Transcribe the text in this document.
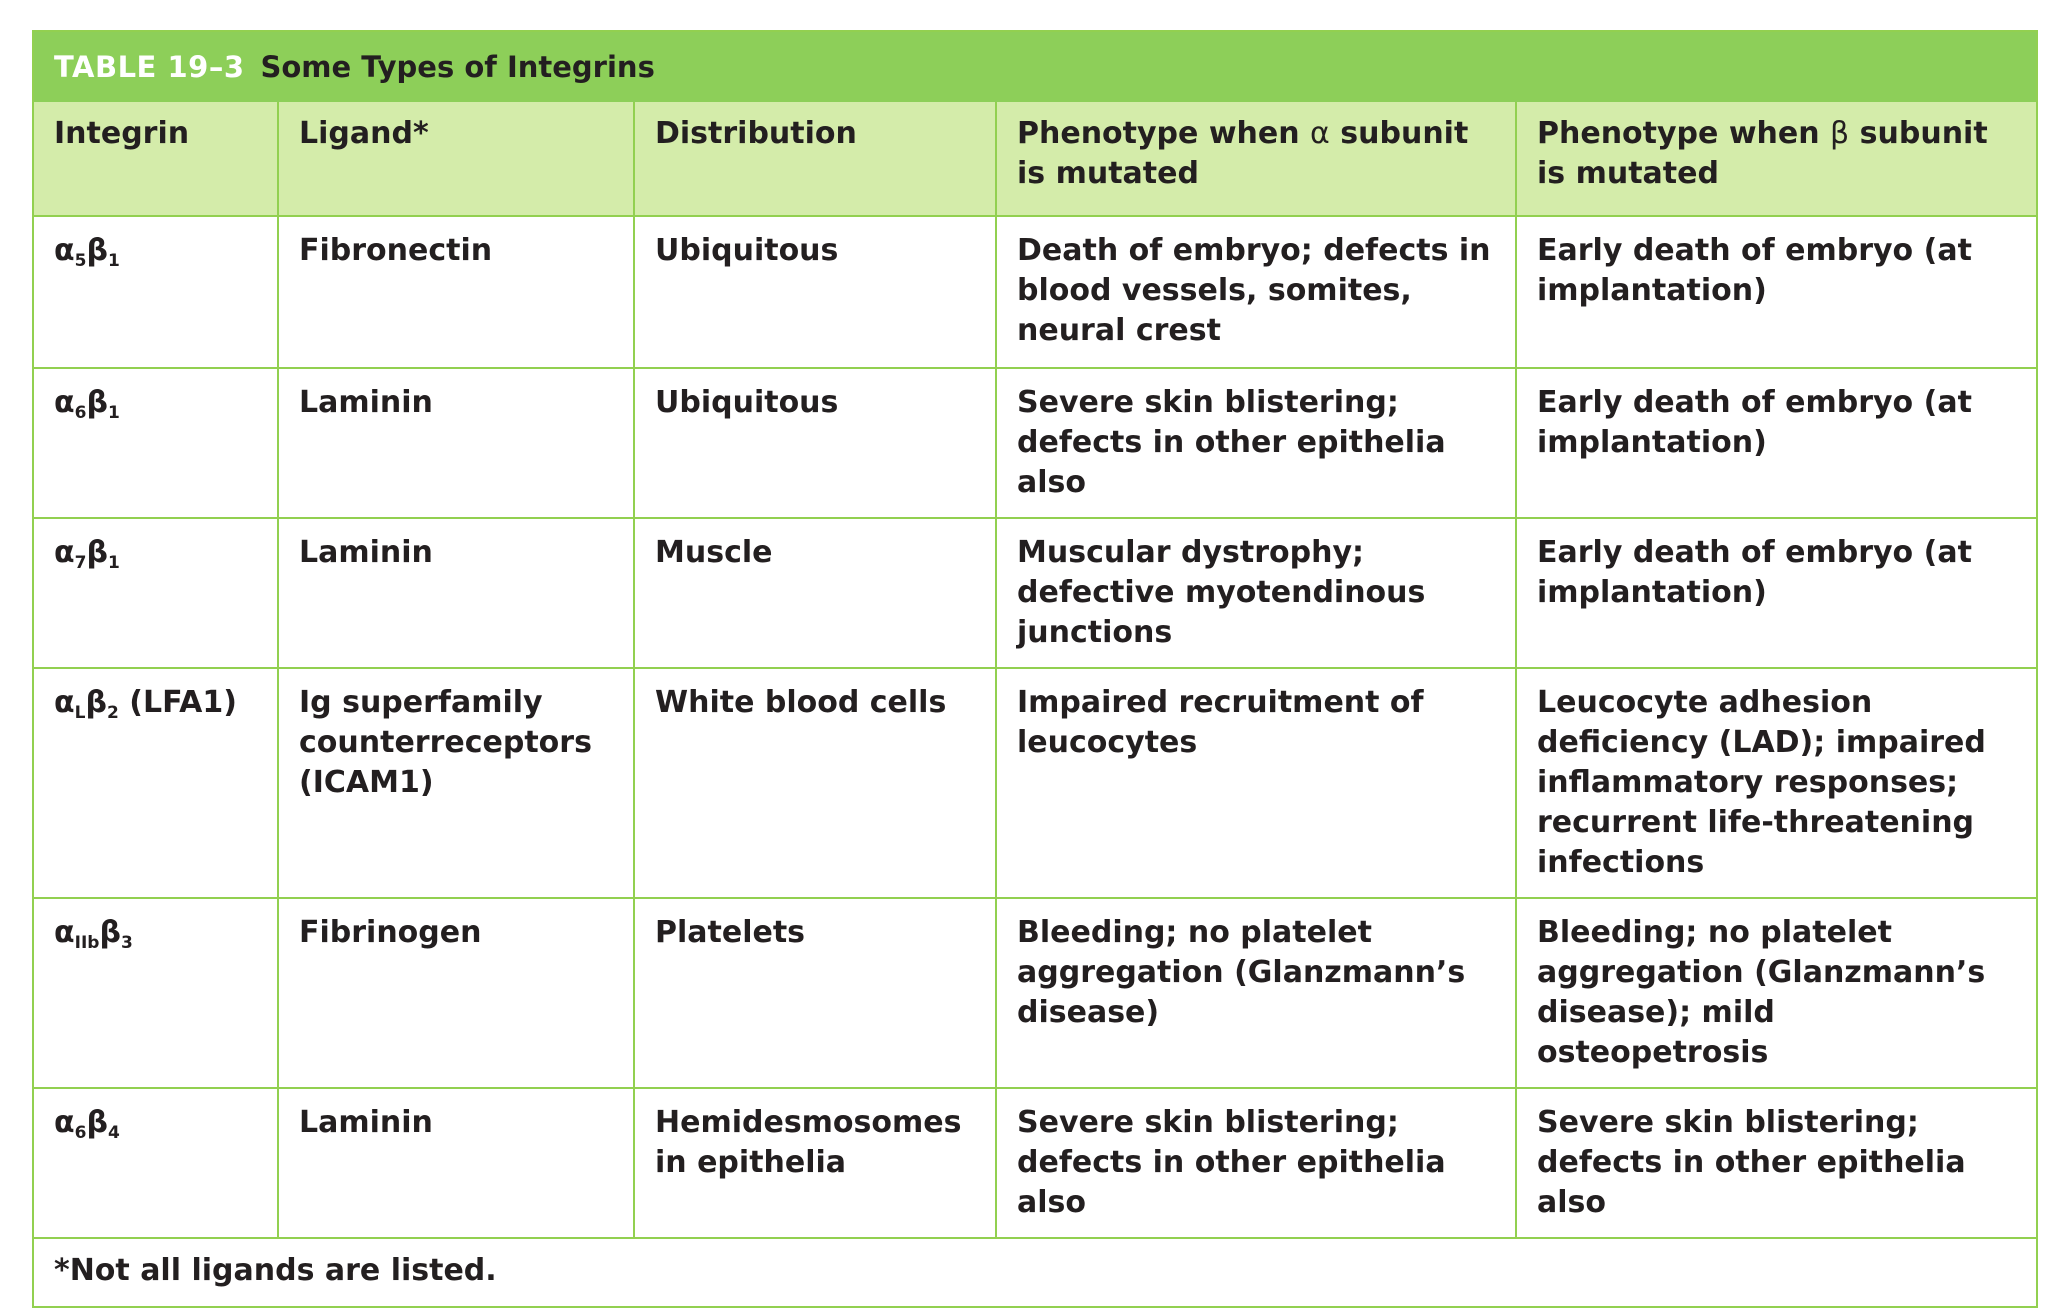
TABLE 19–3 Some Types of Integrins
Integrin	Ligand*	Distribution	Phenotype when α subunit is mutated	Phenotype when β subunit is mutated
$\alpha_5\beta_1$	Fibronectin	Ubiquitous	Death of embryo; defects in blood vessels, somites, neural crest	Early death of embryo (at implantation)
$\alpha_6\beta_1$	Laminin	Ubiquitous	Severe skin blistering; defects in other epithelia also	Early death of embryo (at implantation)
$\alpha_7\beta_1$	Laminin	Muscle	Muscular dystrophy; defective myotendinous junctions	Early death of embryo (at implantation)
$\alpha_L\beta_2$ (LFA1)	Ig superfamily counterreceptors (ICAM1)	White blood cells	Impaired recruitment of leucocytes	Leucocyte adhesion deficiency (LAD); impaired inflammatory responses; recurrent life-threatening infections
$\alpha_{IIb}\beta_3$	Fibrinogen	Platelets	Bleeding; no platelet aggregation (Glanzmann’s disease)	Bleeding; no platelet aggregation (Glanzmann’s disease); mild osteopetrosis
$\alpha_6\beta_4$	Laminin	Hemidesmosomes in epithelia	Severe skin blistering; defects in other epithelia also	Severe skin blistering; defects in other epithelia also
*Not all ligands are listed.				
